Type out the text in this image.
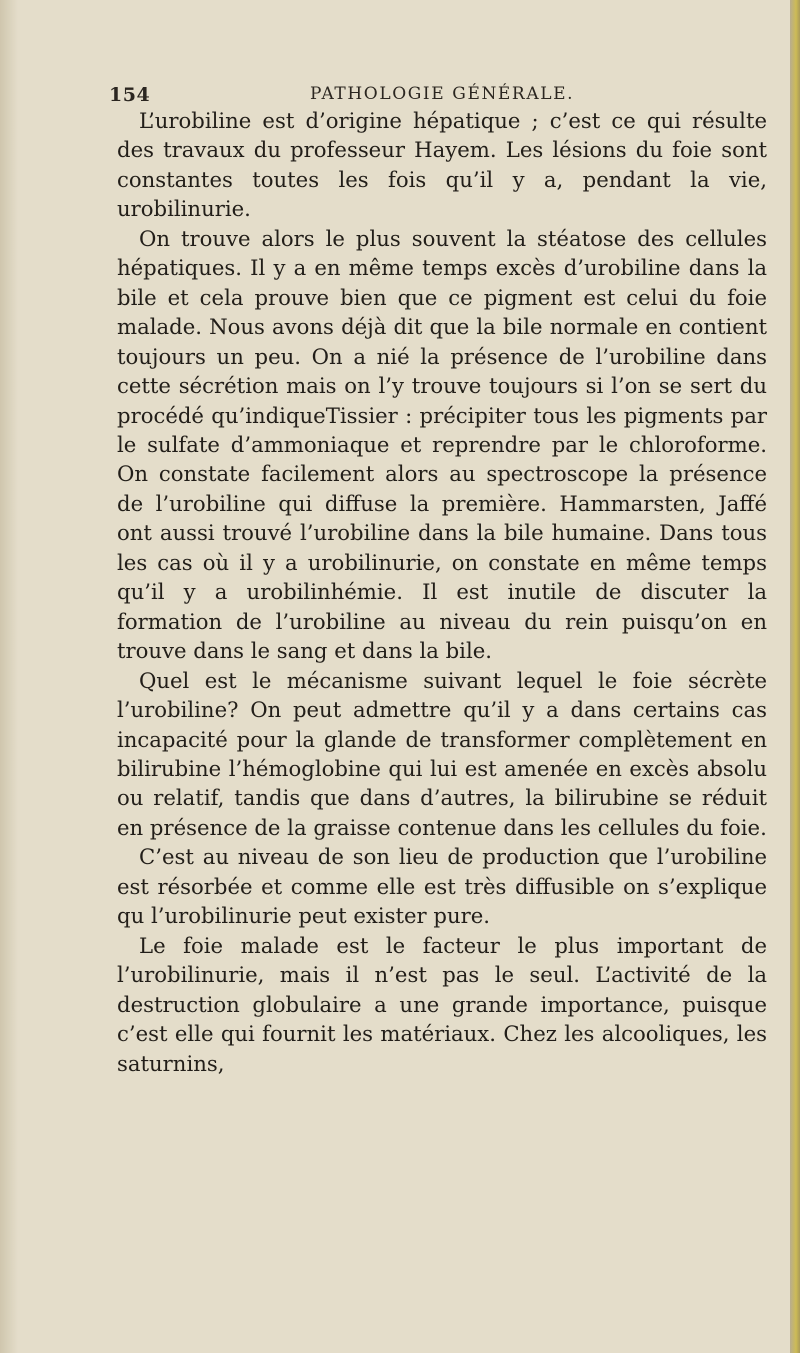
154	PATHOLOGIE GÉNÉRALE.

L’urobiline est d’origine hépatique ; c’est ce qui résulte des travaux du professeur Hayem. Les lésions du foie sont constantes toutes les fois qu’il y a, pendant la vie, urobilinurie.

On trouve alors le plus souvent la stéatose des cellules hépatiques. Il y a en même temps excès d’urobiline dans la bile et cela prouve bien que ce pigment est celui du foie malade. Nous avons déjà dit que la bile normale en contient toujours un peu. On a nié la présence de l’urobiline dans cette sécrétion mais on l’y trouve toujours si l’on se sert du procédé qu’indiqueTissier : précipiter tous les pigments par le sulfate d’ammoniaque et reprendre par le chloroforme. On constate facilement alors au spectroscope la présence de l’urobiline qui diffuse la première. Hammarsten, Jaffé ont aussi trouvé l’urobiline dans la bile humaine. Dans tous les cas où il y a urobilinurie, on constate en même temps qu’il y a urobilinhémie. Il est inutile de discuter la formation de l’urobiline au niveau du rein puisqu’on en trouve dans le sang et dans la bile.

Quel est le mécanisme suivant lequel le foie sécrète l’urobiline? On peut admettre qu’il y a dans certains cas incapacité pour la glande de transformer complètement en bilirubine l’hémoglobine qui lui est amenée en excès absolu ou relatif, tandis que dans d’autres, la bilirubine se réduit en présence de la graisse contenue dans les cellules du foie.

C’est au niveau de son lieu de production que l’urobiline est résorbée et comme elle est très diffusible on s’explique qu l’urobilinurie peut exister pure.

Le foie malade est le facteur le plus important de l’urobilinurie, mais il n’est pas le seul. L’activité de la destruction globulaire a une grande importance, puisque c’est elle qui fournit les matériaux. Chez les alcooliques, les saturnins,
